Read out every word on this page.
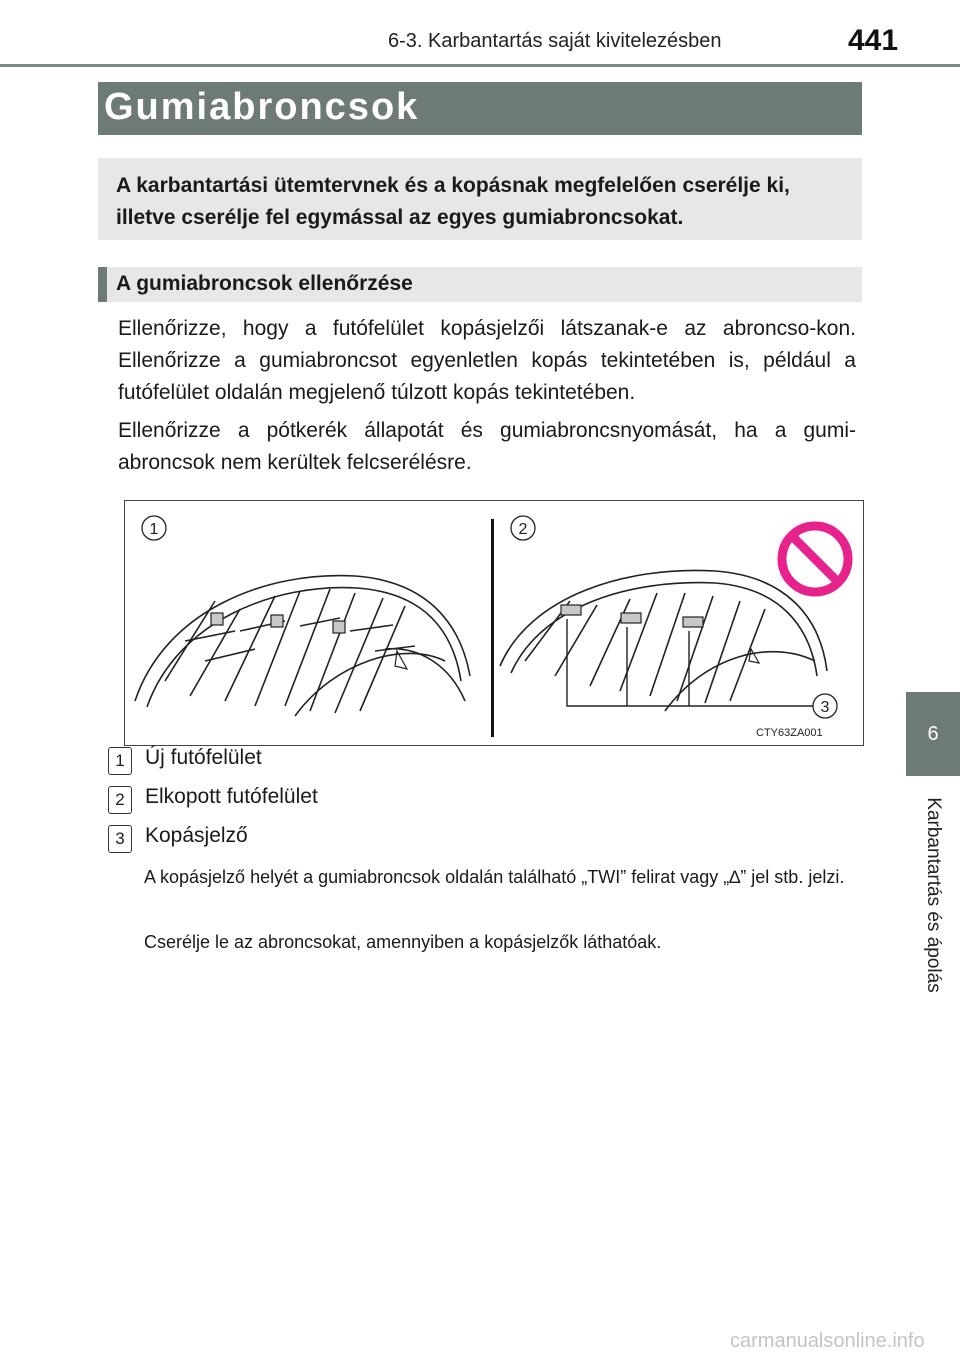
6-3. Karbantartás saját kivitelezésben	441
6
Karbantartás és ápolás
Gumiabroncsok
A karbantartási ütemtervnek és a kopásnak megfelelően cserélje ki, illetve cserélje fel egymással az egyes gumiabroncsokat.
A gumiabroncsok ellenőrzése
Ellenőrizze, hogy a futófelület kopásjelzői látszanak-e az abroncso-kon. Ellenőrizze a gumiabroncsot egyenletlen kopás tekintetében is, például a futófelület oldalán megjelenő túlzott kopás tekintetében.
Ellenőrizze a pótkerék állapotát és gumiabroncsnyomását, ha a gumi-abroncsok nem kerültek felcserélésre.
1	2
3
CTY63ZA001
1 Új futófelület
2 Elkopott futófelület
3 Kopásjelző
A kopásjelző helyét a gumiabroncsok oldalán található „TWI” felirat vagy „∆” jel stb. jelzi.
Cserélje le az abroncsokat, amennyiben a kopásjelzők láthatóak.
carmanualsonline.info
